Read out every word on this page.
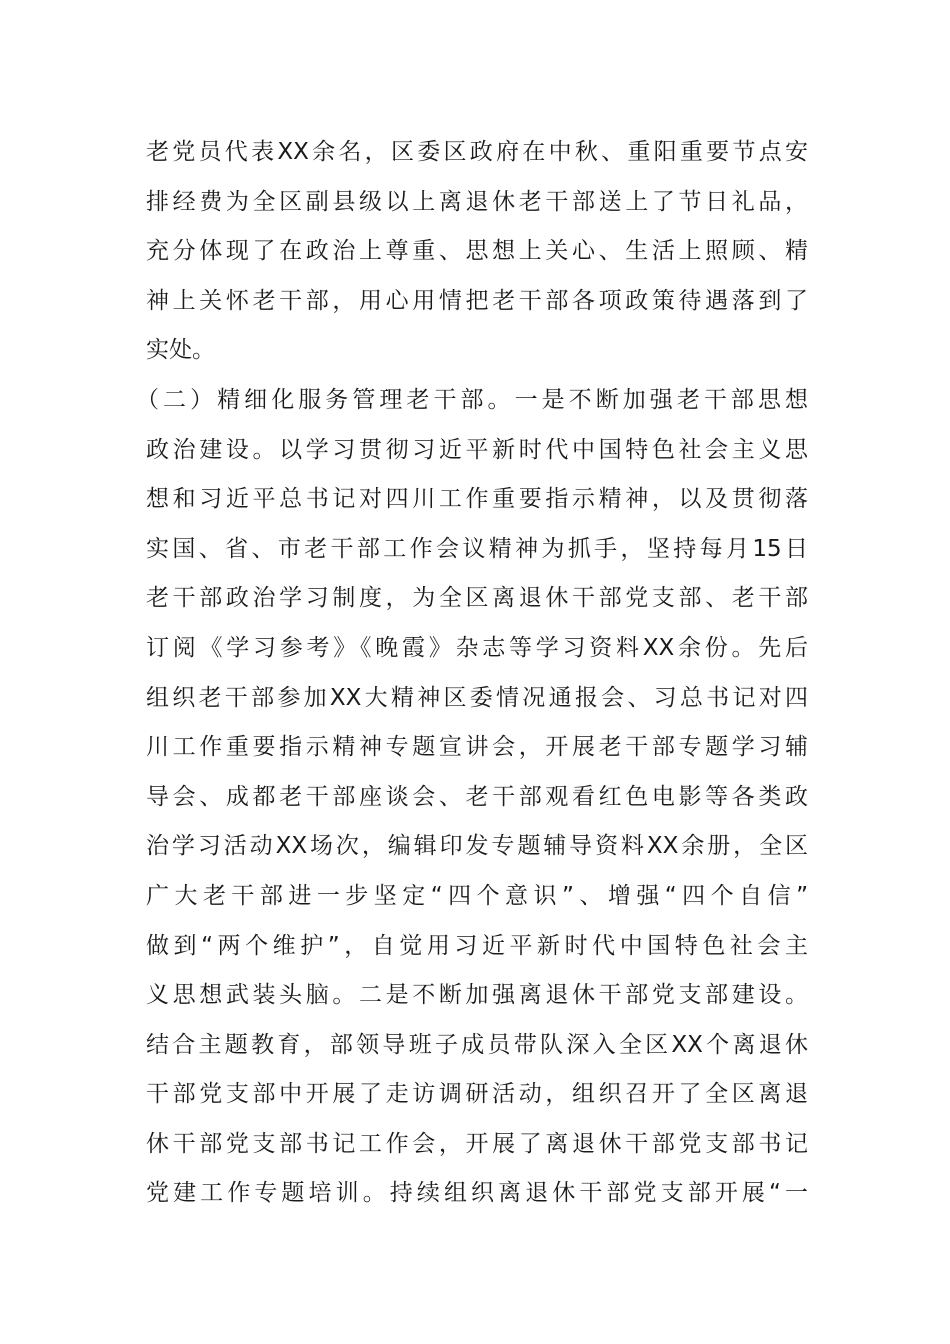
老党员代表XX余名，区委区政府在中秋、重阳重要节点安
排经费为全区副县级以上离退休老干部送上了节日礼品，
充分体现了在政治上尊重、思想上关心、生活上照顾、精
神上关怀老干部，用心用情把老干部各项政策待遇落到了
实处。
（二）精细化服务管理老干部。一是不断加强老干部思想
政治建设。以学习贯彻习近平新时代中国特色社会主义思
想和习近平总书记对四川工作重要指示精神，以及贯彻落
实国、省、市老干部工作会议精神为抓手，坚持每月15日
老干部政治学习制度，为全区离退休干部党支部、老干部
订阅《学习参考》《晚霞》杂志等学习资料XX余份。先后
组织老干部参加XX大精神区委情况通报会、习总书记对四
川工作重要指示精神专题宣讲会，开展老干部专题学习辅
导会、成都老干部座谈会、老干部观看红色电影等各类政
治学习活动XX场次，编辑印发专题辅导资料XX余册，全区
广大老干部进一步坚定“四个意识”、增强“四个自信”
做到“两个维护”，自觉用习近平新时代中国特色社会主
义思想武装头脑。二是不断加强离退休干部党支部建设。
结合主题教育，部领导班子成员带队深入全区XX个离退休
干部党支部中开展了走访调研活动，组织召开了全区离退
休干部党支部书记工作会，开展了离退休干部党支部书记
党建工作专题培训。持续组织离退休干部党支部开展“一
